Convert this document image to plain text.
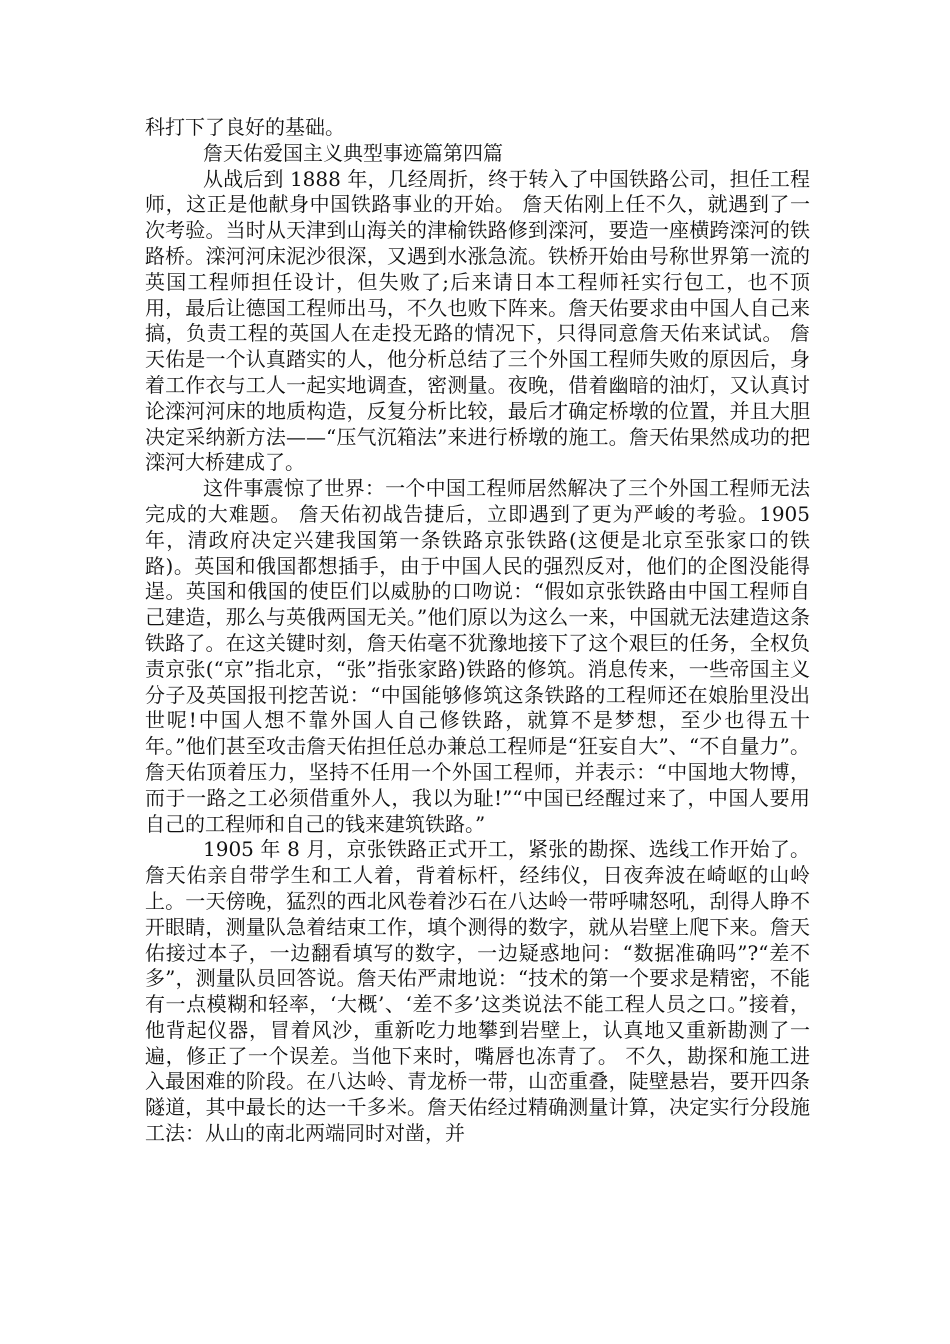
科打下了良好的基础。

詹天佑爱国主义典型事迹篇第四篇

从战后到 1888 年，几经周折，终于转入了中国铁路公司，担任工程师，这正是他献身中国铁路事业的开始。 詹天佑刚上任不久，就遇到了一次考验。当时从天津到山海关的津榆铁路修到滦河，要造一座横跨滦河的铁路桥。滦河河床泥沙很深，又遇到水涨急流。铁桥开始由号称世界第一流的英国工程师担任设计，但失败了;后来请日本工程师衽实行包工，也不顶用，最后让德国工程师出马，不久也败下阵来。詹天佑要求由中国人自己来搞，负责工程的英国人在走投无路的情况下，只得同意詹天佑来试试。 詹天佑是一个认真踏实的人，他分析总结了三个外国工程师失败的原因后，身着工作衣与工人一起实地调查，密测量。夜晚，借着幽暗的油灯，又认真讨论滦河河床的地质构造，反复分析比较，最后才确定桥墩的位置，并且大胆决定采纳新方法——“压气沉箱法”来进行桥墩的施工。詹天佑果然成功的把滦河大桥建成了。

这件事震惊了世界：一个中国工程师居然解决了三个外国工程师无法完成的大难题。 詹天佑初战告捷后，立即遇到了更为严峻的考验。1905 年，清政府决定兴建我国第一条铁路京张铁路(这便是北京至张家口的铁路)。英国和俄国都想插手，由于中国人民的强烈反对，他们的企图没能得逞。英国和俄国的使臣们以威胁的口吻说：“假如京张铁路由中国工程师自己建造，那么与英俄两国无关。”他们原以为这么一来，中国就无法建造这条铁路了。在这关键时刻，詹天佑毫不犹豫地接下了这个艰巨的任务，全权负责京张(“京”指北京，“张”指张家路)铁路的修筑。消息传来，一些帝国主义分子及英国报刊挖苦说：“中国能够修筑这条铁路的工程师还在娘胎里没出世呢!中国人想不靠外国人自己修铁路，就算不是梦想，至少也得五十年。”他们甚至攻击詹天佑担任总办兼总工程师是“狂妄自大”、“不自量力”。詹天佑顶着压力，坚持不任用一个外国工程师，并表示：“中国地大物博，而于一路之工必须借重外人，我以为耻!”“中国已经醒过来了，中国人要用自己的工程师和自己的钱来建筑铁路。”

1905 年 8 月，京张铁路正式开工，紧张的勘探、选线工作开始了。詹天佑亲自带学生和工人着，背着标杆，经纬仪，日夜奔波在崎岖的山岭上。一天傍晚，猛烈的西北风卷着沙石在八达岭一带呼啸怒吼，刮得人睁不开眼睛，测量队急着结束工作，填个测得的数字，就从岩壁上爬下来。詹天佑接过本子，一边翻看填写的数字，一边疑惑地问：“数据准确吗”?“差不多”，测量队员回答说。詹天佑严肃地说：“技术的第一个要求是精密，不能有一点模糊和轻率，‘大概’、‘差不多’这类说法不能工程人员之口。”接着，他背起仪器，冒着风沙，重新吃力地攀到岩壁上，认真地又重新勘测了一遍，修正了一个误差。当他下来时，嘴唇也冻青了。 不久，勘探和施工进入最困难的阶段。在八达岭、青龙桥一带，山峦重叠，陡壁悬岩，要开四条隧道，其中最长的达一千多米。詹天佑经过精确测量计算，决定实行分段施工法：从山的南北两端同时对凿，并
